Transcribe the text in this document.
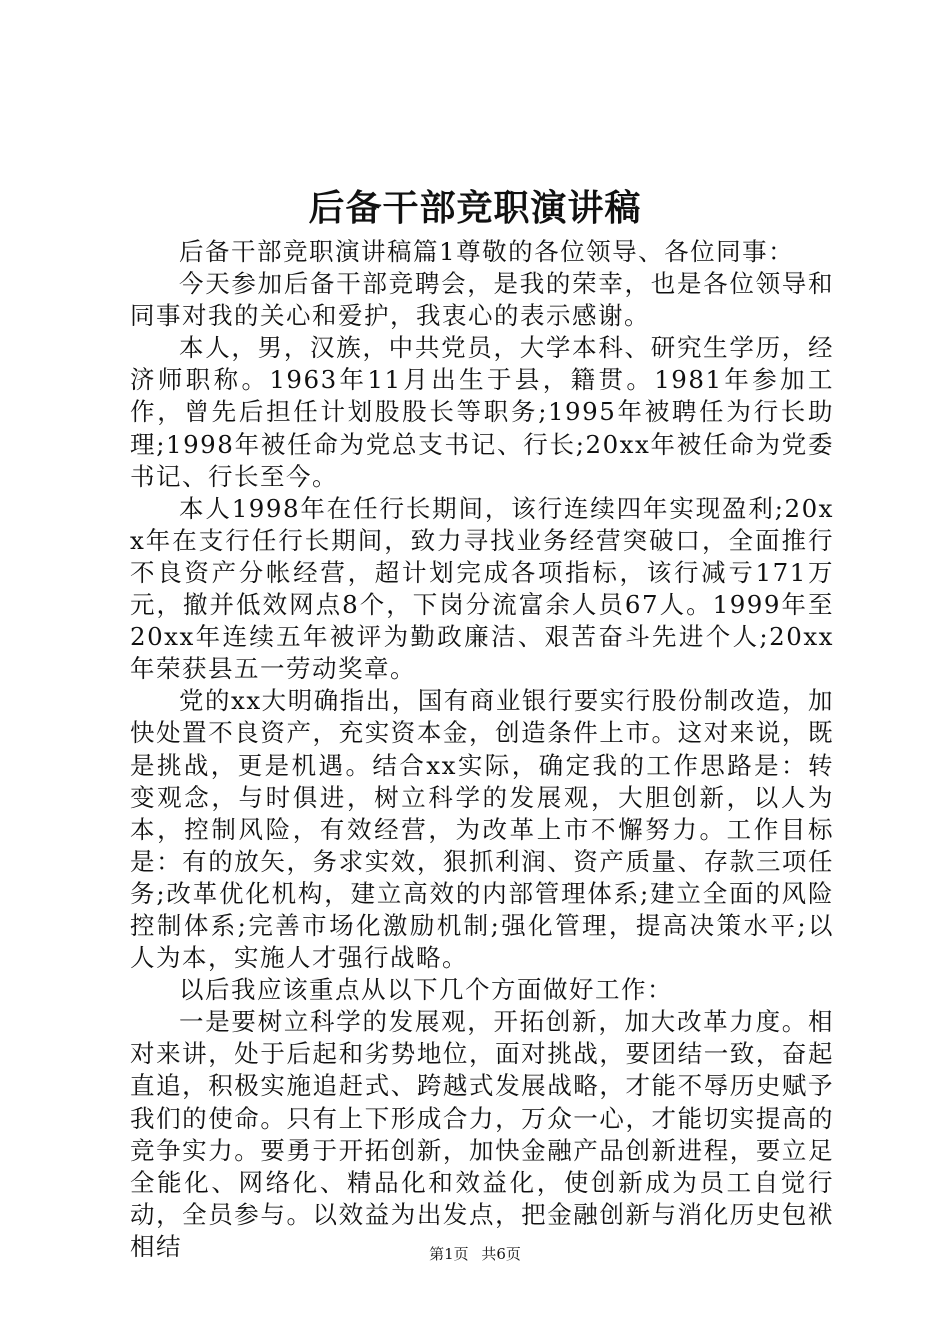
后备干部竞职演讲稿

后备干部竞职演讲稿篇1尊敬的各位领导、各位同事：

今天参加后备干部竞聘会，是我的荣幸，也是各位领导和同事对我的关心和爱护，我衷心的表示感谢。

本人，男，汉族，中共党员，大学本科、研究生学历，经济师职称。1963年11月出生于县，籍贯。1981年参加工作，曾先后担任计划股股长等职务;1995年被聘任为行长助理;1998年被任命为党总支书记、行长;20xx年被任命为党委书记、行长至今。

本人1998年在任行长期间，该行连续四年实现盈利;20xx年在支行任行长期间，致力寻找业务经营突破口，全面推行不良资产分帐经营，超计划完成各项指标，该行减亏171万元，撤并低效网点8个，下岗分流富余人员67人。1999年至20xx年连续五年被评为勤政廉洁、艰苦奋斗先进个人;20xx年荣获县五一劳动奖章。

党的xx大明确指出，国有商业银行要实行股份制改造，加快处置不良资产，充实资本金，创造条件上市。这对来说，既是挑战，更是机遇。结合xx实际，确定我的工作思路是：转变观念，与时俱进，树立科学的发展观，大胆创新，以人为本，控制风险，有效经营，为改革上市不懈努力。工作目标是：有的放矢，务求实效，狠抓利润、资产质量、存款三项任务;改革优化机构，建立高效的内部管理体系;建立全面的风险控制体系;完善市场化激励机制;强化管理，提高决策水平;以人为本，实施人才强行战略。

以后我应该重点从以下几个方面做好工作：

一是要树立科学的发展观，开拓创新，加大改革力度。相对来讲，处于后起和劣势地位，面对挑战，要团结一致，奋起直追，积极实施追赶式、跨越式发展战略，才能不辱历史赋予我们的使命。只有上下形成合力，万众一心，才能切实提高的竞争实力。要勇于开拓创新，加快金融产品创新进程，要立足全能化、网络化、精品化和效益化，使创新成为员工自觉行动，全员参与。以效益为出发点，把金融创新与消化历史包袱相结	第1页 共6页
